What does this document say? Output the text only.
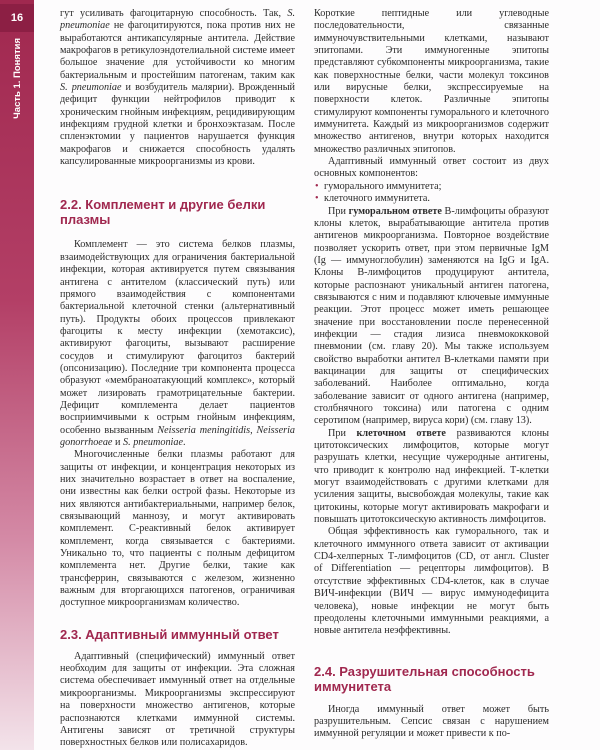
16
Часть 1. Понятия

гут усиливать фагоцитарную способность. Так, S. pneumoniae не фагоцитируются, пока против них не выработаются антикапсулярные антитела. Действие макрофагов в ретикулоэндотелиальной системе имеет большое значение для устойчивости ко многим бактериальным и простейшим патогенам, таким как S. pneumoniae и возбудитель малярии). Врожденный дефицит функции нейтрофилов приводит к хроническим гнойным инфекциям, рецидивирующим инфекциям грудной клетки и бронхоэктазам. После спленэктомии у пациентов нарушается функция макрофагов и снижается способность удалять капсулированные микроорганизмы из крови.

2.2. Комплемент и другие белки плазмы

Комплемент — это система белков плазмы, взаимодействующих для ограничения бактериальной инфекции, которая активируется путем связывания антигена с антителом (классический путь) или прямого взаимодействия с компонентами бактериальной клеточной стенки (альтернативный путь). Продукты обоих процессов привлекают фагоциты к месту инфекции (хемотаксис), активируют фагоциты, вызывают расширение сосудов и стимулируют фагоцитоз бактерий (опсонизацию). Последние три компонента процесса образуют «мембраноатакующий комплекс», который может лизировать грамотрицательные бактерии. Дефицит комплемента делает пациентов восприимчивыми к острым гнойным инфекциям, особенно вызванным Neisseria meningitidis, Neisseria gonorrhoeae и S. pneumoniae.

Многочисленные белки плазмы работают для защиты от инфекции, и концентрация некоторых из них значительно возрастает в ответ на воспаление, они известны как белки острой фазы. Некоторые из них являются антибактериальными, например белок, связывающий маннозу, и могут активировать комплемент. С-реактивный белок активирует комплемент, когда связывается с бактериями. Уникально то, что пациенты с полным дефицитом комплемента нет. Другие белки, такие как трансферрин, связываются с железом, жизненно важным для вторгающихся патогенов, ограничивая доступное микроорганизмам количество.

2.3. Адаптивный иммунный ответ

Адаптивный (специфический) иммунный ответ необходим для защиты от инфекции. Эта сложная система обеспечивает иммунный ответ на отдельные микроорганизмы. Микроорганизмы экспрессируют на поверхности множество антигенов, которые распознаются клетками иммунной системы. Антигены зависят от третичной структуры поверхностных белков или полисахаридов.

Короткие пептидные или углеводные последовательности, связанные иммуночувствительными клетками, называют эпитопами. Эти иммуногенные эпитопы представляют субкомпоненты микроорганизма, такие как поверхностные белки, части молекул токсинов или вирусные белки, экспрессируемые на поверхности клеток. Различные эпитопы стимулируют компоненты гуморального и клеточного иммунитета. Каждый из микроорганизмов содержит множество антигенов, внутри которых находится множество различных эпитопов.

Адаптивный иммунный ответ состоит из двух основных компонентов:

• гуморального иммунитета;
• клеточного иммунитета.

При гуморальном ответе В-лимфоциты образуют клоны клеток, вырабатывающие антитела против антигенов микроорганизма. Повторное воздействие позволяет ускорить ответ, при этом первичные IgM (Ig — иммуноглобулин) заменяются на IgG и IgA. Клоны В-лимфоцитов продуцируют антитела, которые распознают уникальный антиген патогена, связываются с ним и подавляют ключевые иммунные реакции. Этот процесс может иметь решающее значение при восстановлении после перенесенной инфекции — стадия лизиса пневмококковой пневмонии (см. главу 20). Мы также используем свойство выработки антител В-клетками памяти при вакцинации для защиты от специфических заболеваний. Наиболее оптимально, когда заболевание зависит от одного антигена (например, столбнячного токсина) или патогена с одним серотипом (например, вируса кори) (см. главу 13).

При клеточном ответе развиваются клоны цитотоксических лимфоцитов, которые могут разрушать клетки, несущие чужеродные антигены, что приводит к контролю над инфекцией. Т-клетки могут взаимодействовать с другими клетками для усиления защиты, высвобождая молекулы, такие как цитокины, которые могут активировать макрофаги и повышать цитотоксическую активность лимфоцитов.

Общая эффективность как гуморального, так и клеточного иммунного ответа зависит от активации CD4-хелперных Т-лимфоцитов (CD, от англ. Cluster of Differentiation — рецепторы лимфоцитов). В отсутствие эффективных CD4-клеток, как в случае ВИЧ-инфекции (ВИЧ — вирус иммунодефицита человека), новые инфекции не могут быть преодолены клеточными иммунными реакциями, а новые антитела неэффективны.

2.4. Разрушительная способность иммунитета

Иногда иммунный ответ может быть разрушительным. Сепсис связан с нарушением иммунной регуляции и может привести к по-
